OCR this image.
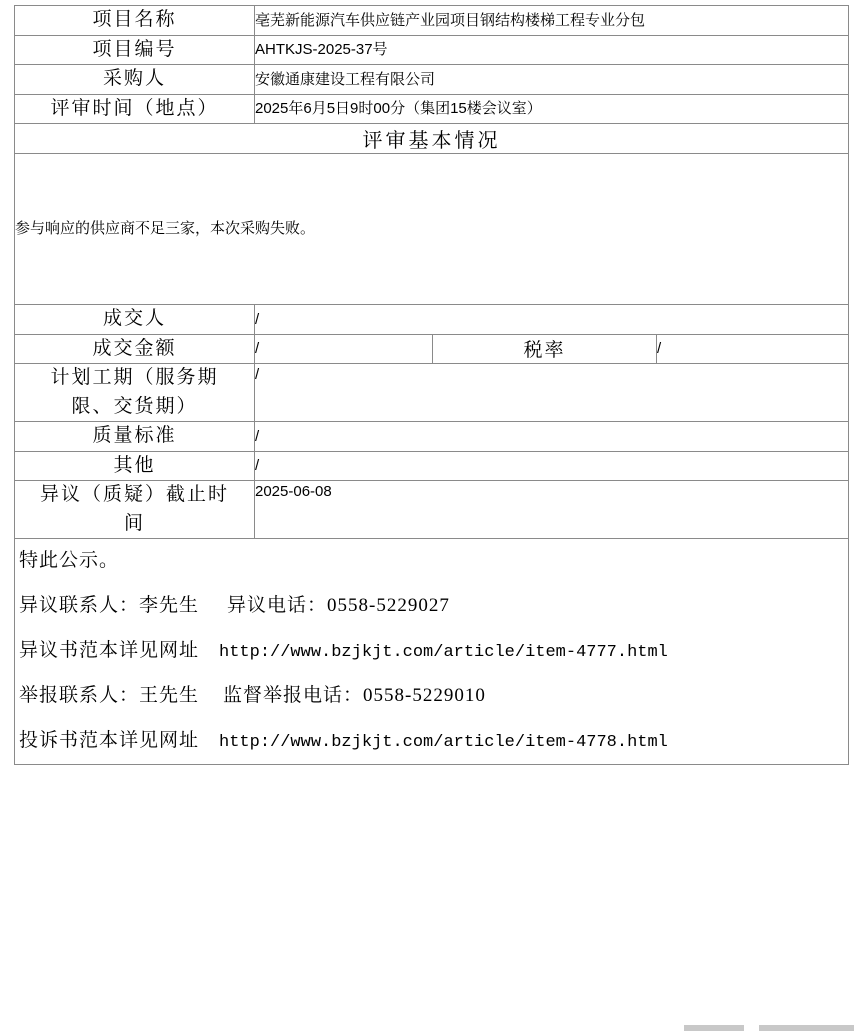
项目名称	亳芜新能源汽车供应链产业园项目钢结构楼梯工程专业分包		
项目编号	AHTKJS-2025-37号		
采购人	安徽通康建设工程有限公司		
评审时间（地点）	2025年6月5日9时00分（集团15楼会议室）		
评审基本情况			
参与响应的供应商不足三家，本次采购失败。			
成交人	/		
成交金额	/	税率	/

计划工期（服务期
限、交货期）	/		
质量标准	/		
其他	/		

异议（质疑）截止时
间	2025-06-08		

特此公示。
异议联系人：李先生	异议电话：0558-5229027
异议书范本详见网址	http://www.bzjkjt.com/article/item-4777.html
举报联系人：王先生	监督举报电话：0558-5229010
投诉书范本详见网址	http://www.bzjkjt.com/article/item-4778.html
